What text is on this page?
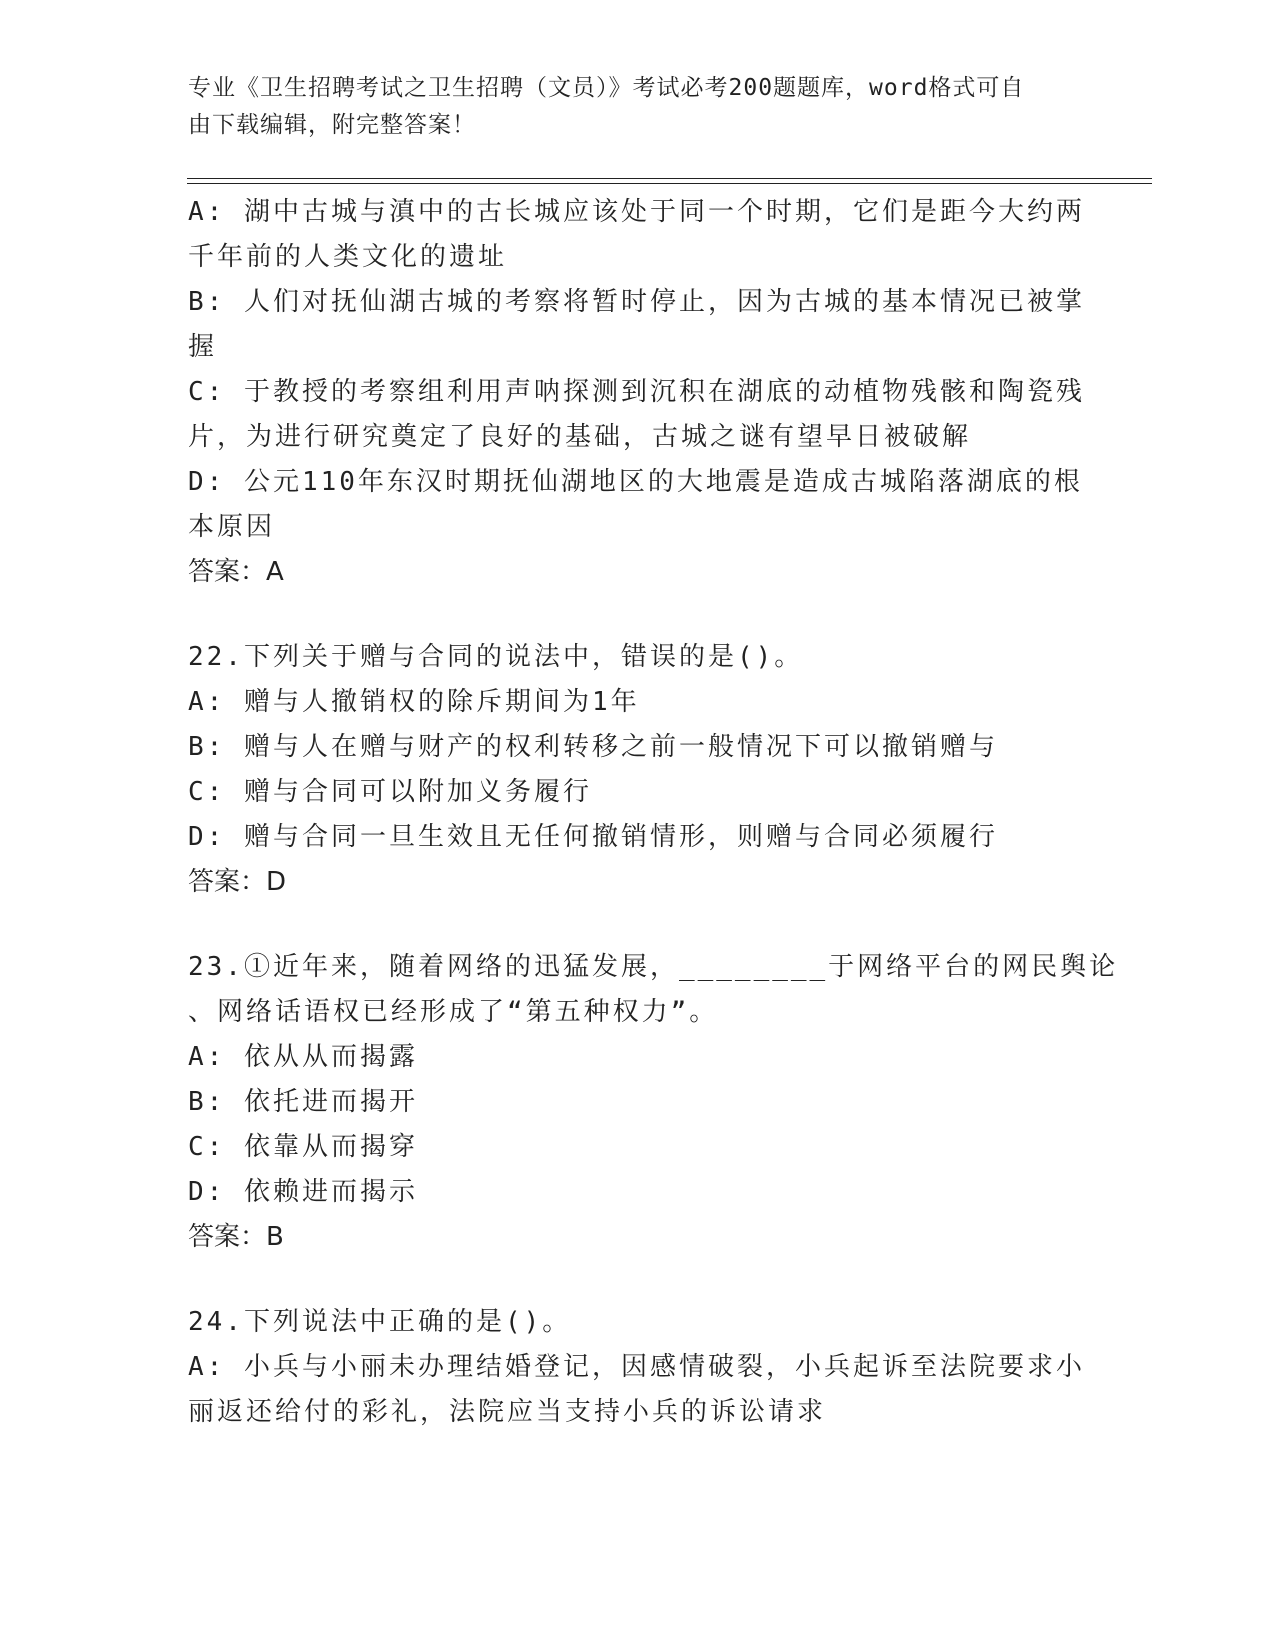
专业《卫生招聘考试之卫生招聘（文员）》考试必考200题题库，word格式可自
由下载编辑，附完整答案！

A: 湖中古城与滇中的古长城应该处于同一个时期，它们是距今大约两

千年前的人类文化的遗址

B: 人们对抚仙湖古城的考察将暂时停止，因为古城的基本情况已被掌

握

C: 于教授的考察组利用声呐探测到沉积在湖底的动植物残骸和陶瓷残

片，为进行研究奠定了良好的基础，古城之谜有望早日被破解

D: 公元110年东汉时期抚仙湖地区的大地震是造成古城陷落湖底的根

本原因

答案：A

22.下列关于赠与合同的说法中，错误的是()。

A: 赠与人撤销权的除斥期间为1年

B: 赠与人在赠与财产的权利转移之前一般情况下可以撤销赠与

C: 赠与合同可以附加义务履行

D: 赠与合同一旦生效且无任何撤销情形，则赠与合同必须履行

答案：D

23.①近年来，随着网络的迅猛发展，________于网络平台的网民舆论

、网络话语权已经形成了“第五种权力”。

A: 依从从而揭露

B: 依托进而揭开

C: 依靠从而揭穿

D: 依赖进而揭示

答案：B

24.下列说法中正确的是()。

A: 小兵与小丽未办理结婚登记，因感情破裂，小兵起诉至法院要求小

丽返还给付的彩礼，法院应当支持小兵的诉讼请求
